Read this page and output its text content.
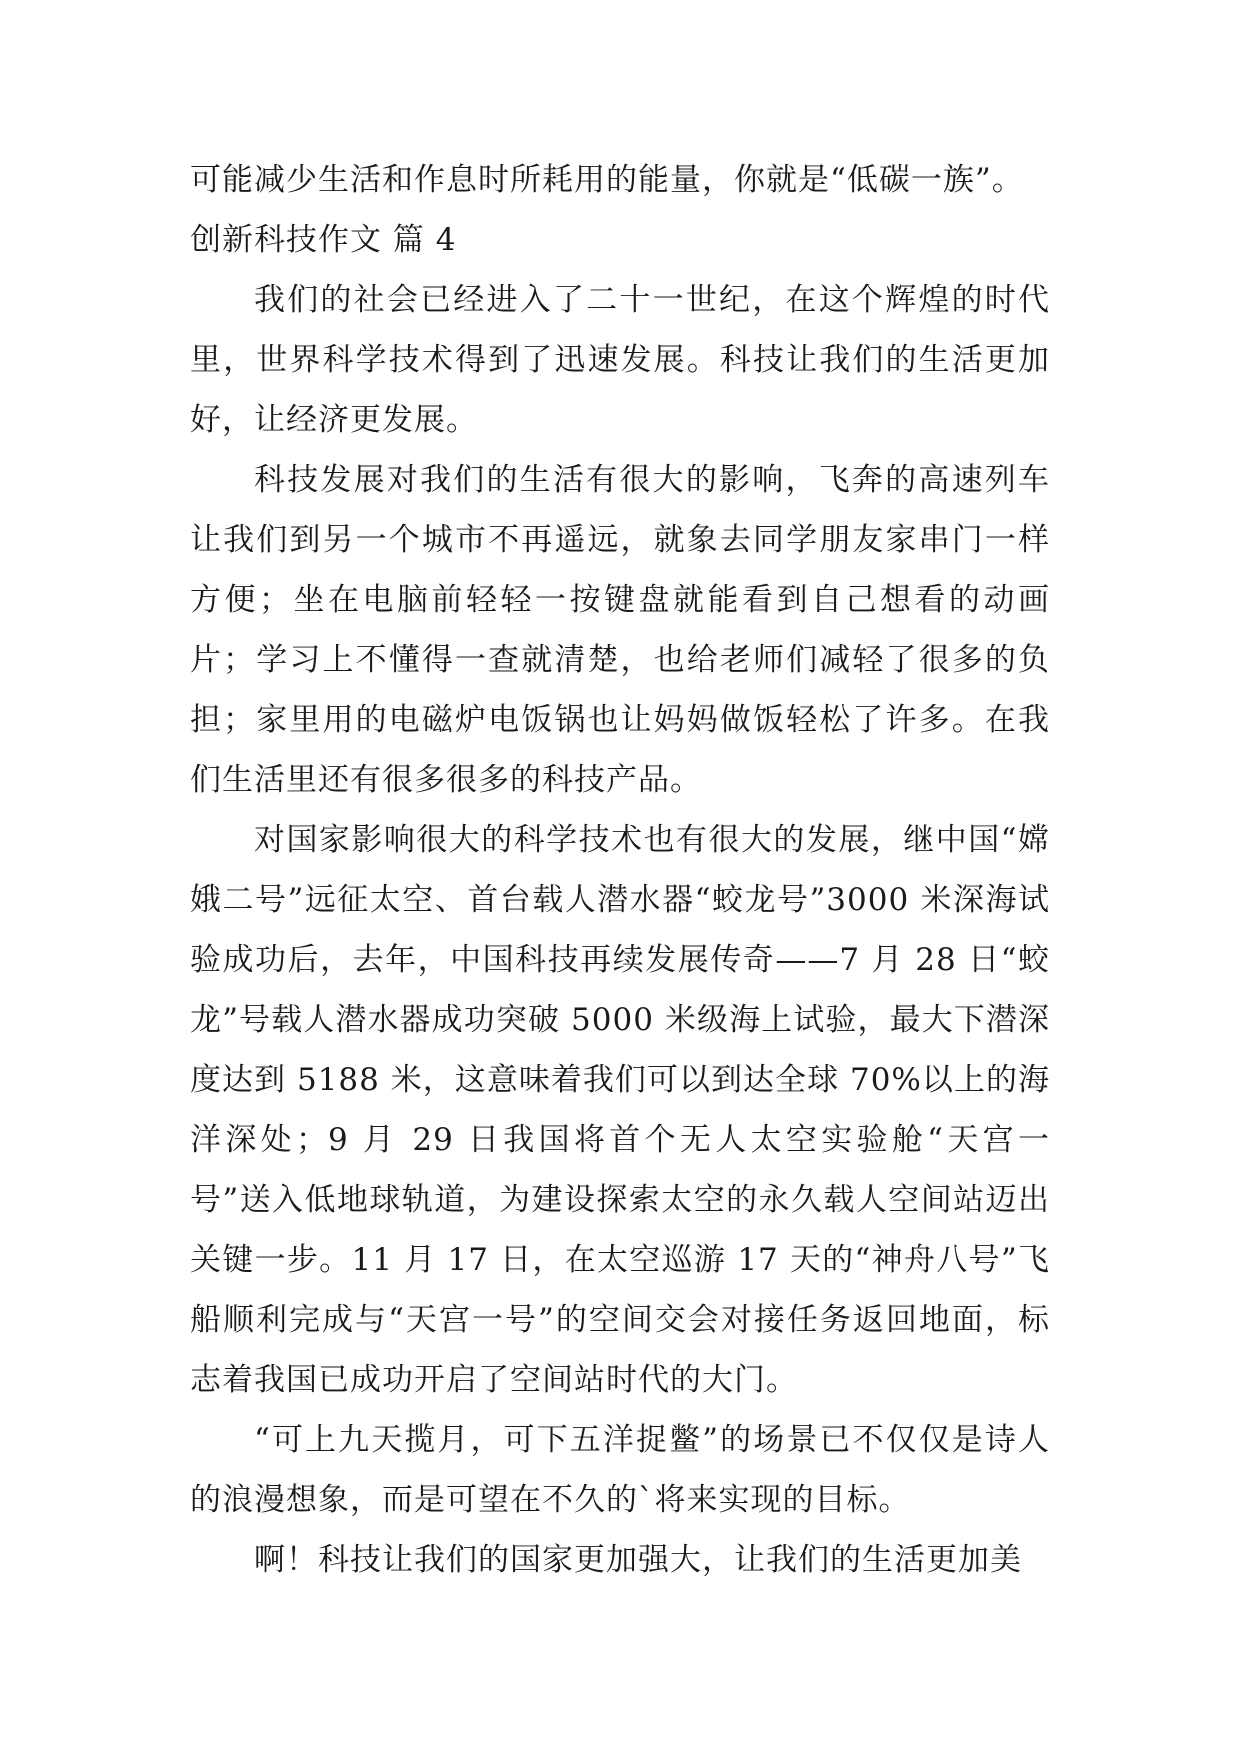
可能减少生活和作息时所耗用的能量，你就是“低碳一族”。

创新科技作文 篇 4

我们的社会已经进入了二十一世纪，在这个辉煌的时代里，世界科学技术得到了迅速发展。科技让我们的生活更加好，让经济更发展。

科技发展对我们的生活有很大的影响，飞奔的高速列车让我们到另一个城市不再遥远，就象去同学朋友家串门一样方便；坐在电脑前轻轻一按键盘就能看到自己想看的动画片；学习上不懂得一查就清楚，也给老师们减轻了很多的负担；家里用的电磁炉电饭锅也让妈妈做饭轻松了许多。在我们生活里还有很多很多的科技产品。

对国家影响很大的科学技术也有很大的发展，继中国“嫦娥二号”远征太空、首台载人潜水器“蛟龙号”3000 米深海试验成功后，去年，中国科技再续发展传奇——7 月 28 日“蛟龙”号载人潜水器成功突破 5000 米级海上试验，最大下潜深度达到 5188 米，这意味着我们可以到达全球 70%以上的海洋深处；9 月 29 日我国将首个无人太空实验舱“天宫一号”送入低地球轨道，为建设探索太空的永久载人空间站迈出关键一步。11 月 17 日，在太空巡游 17 天的“神舟八号”飞船顺利完成与“天宫一号”的空间交会对接任务返回地面，标志着我国已成功开启了空间站时代的大门。

“可上九天揽月，可下五洋捉鳖”的场景已不仅仅是诗人的浪漫想象，而是可望在不久的`将来实现的目标。

啊！科技让我们的国家更加强大，让我们的生活更加美
